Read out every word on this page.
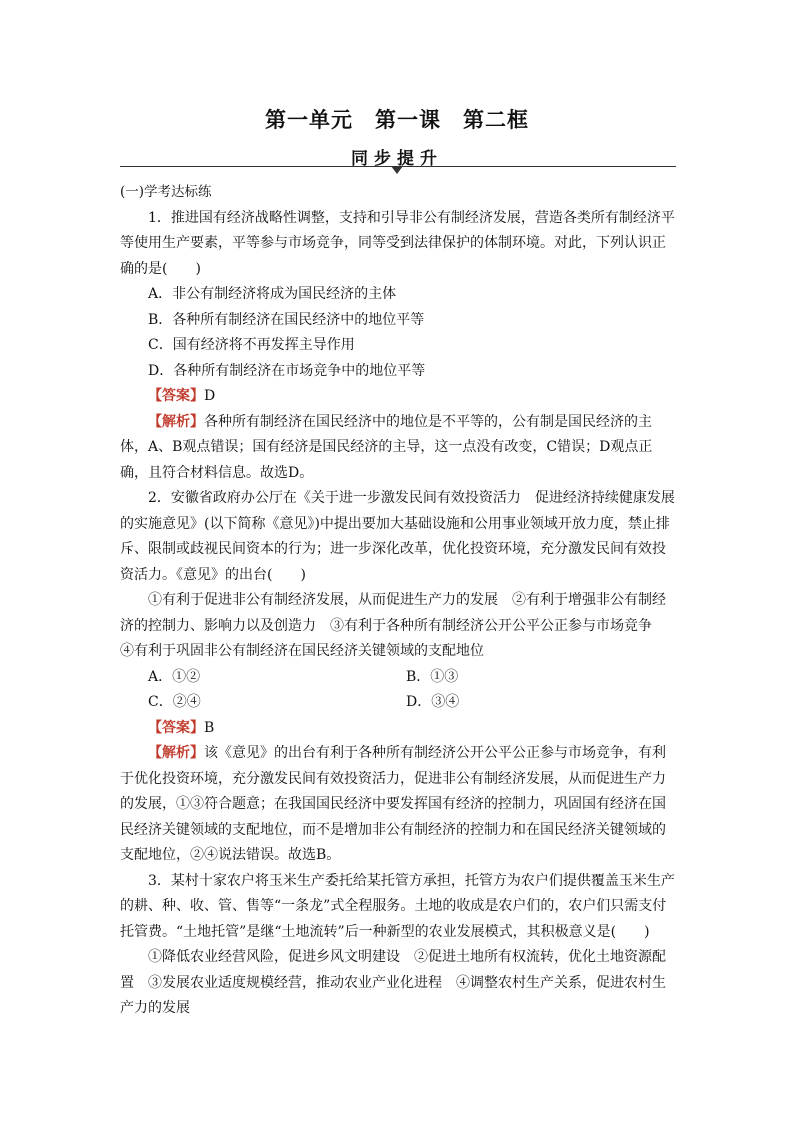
第一单元　第一课　第二框
同步提升

(一)学考达标练

1．推进国有经济战略性调整，支持和引导非公有制经济发展，营造各类所有制经济平等使用生产要素，平等参与市场竞争，同等受到法律保护的体制环境。对此，下列认识正确的是(　　)

A．非公有制经济将成为国民经济的主体

B．各种所有制经济在国民经济中的地位平等

C．国有经济将不再发挥主导作用

D．各种所有制经济在市场竞争中的地位平等

【答案】D

【解析】各种所有制经济在国民经济中的地位是不平等的，公有制是国民经济的主体，A、B观点错误；国有经济是国民经济的主导，这一点没有改变，C错误；D观点正确，且符合材料信息。故选D。

2．安徽省政府办公厅在《关于进一步激发民间有效投资活力　促进经济持续健康发展的实施意见》(以下简称《意见》)中提出要加大基础设施和公用事业领域开放力度，禁止排斥、限制或歧视民间资本的行为；进一步深化改革，优化投资环境，充分激发民间有效投资活力。《意见》的出台(　　)

①有利于促进非公有制经济发展，从而促进生产力的发展　②有利于增强非公有制经济的控制力、影响力以及创造力　③有利于各种所有制经济公开公平公正参与市场竞争　④有利于巩固非公有制经济在国民经济关键领域的支配地位

A．①②	B．①③
C．②④	D．③④

【答案】B

【解析】该《意见》的出台有利于各种所有制经济公开公平公正参与市场竞争，有利于优化投资环境，充分激发民间有效投资活力，促进非公有制经济发展，从而促进生产力的发展，①③符合题意；在我国国民经济中要发挥国有经济的控制力，巩固国有经济在国民经济关键领域的支配地位，而不是增加非公有制经济的控制力和在国民经济关键领域的支配地位，②④说法错误。故选B。

3．某村十家农户将玉米生产委托给某托管方承担，托管方为农户们提供覆盖玉米生产的耕、种、收、管、售等“一条龙”式全程服务。土地的收成是农户们的，农户们只需支付托管费。“土地托管”是继“土地流转”后一种新型的农业发展模式，其积极意义是(　　)

①降低农业经营风险，促进乡风文明建设　②促进土地所有权流转，优化土地资源配置　③发展农业适度规模经营，推动农业产业化进程　④调整农村生产关系，促进农村生产力的发展
